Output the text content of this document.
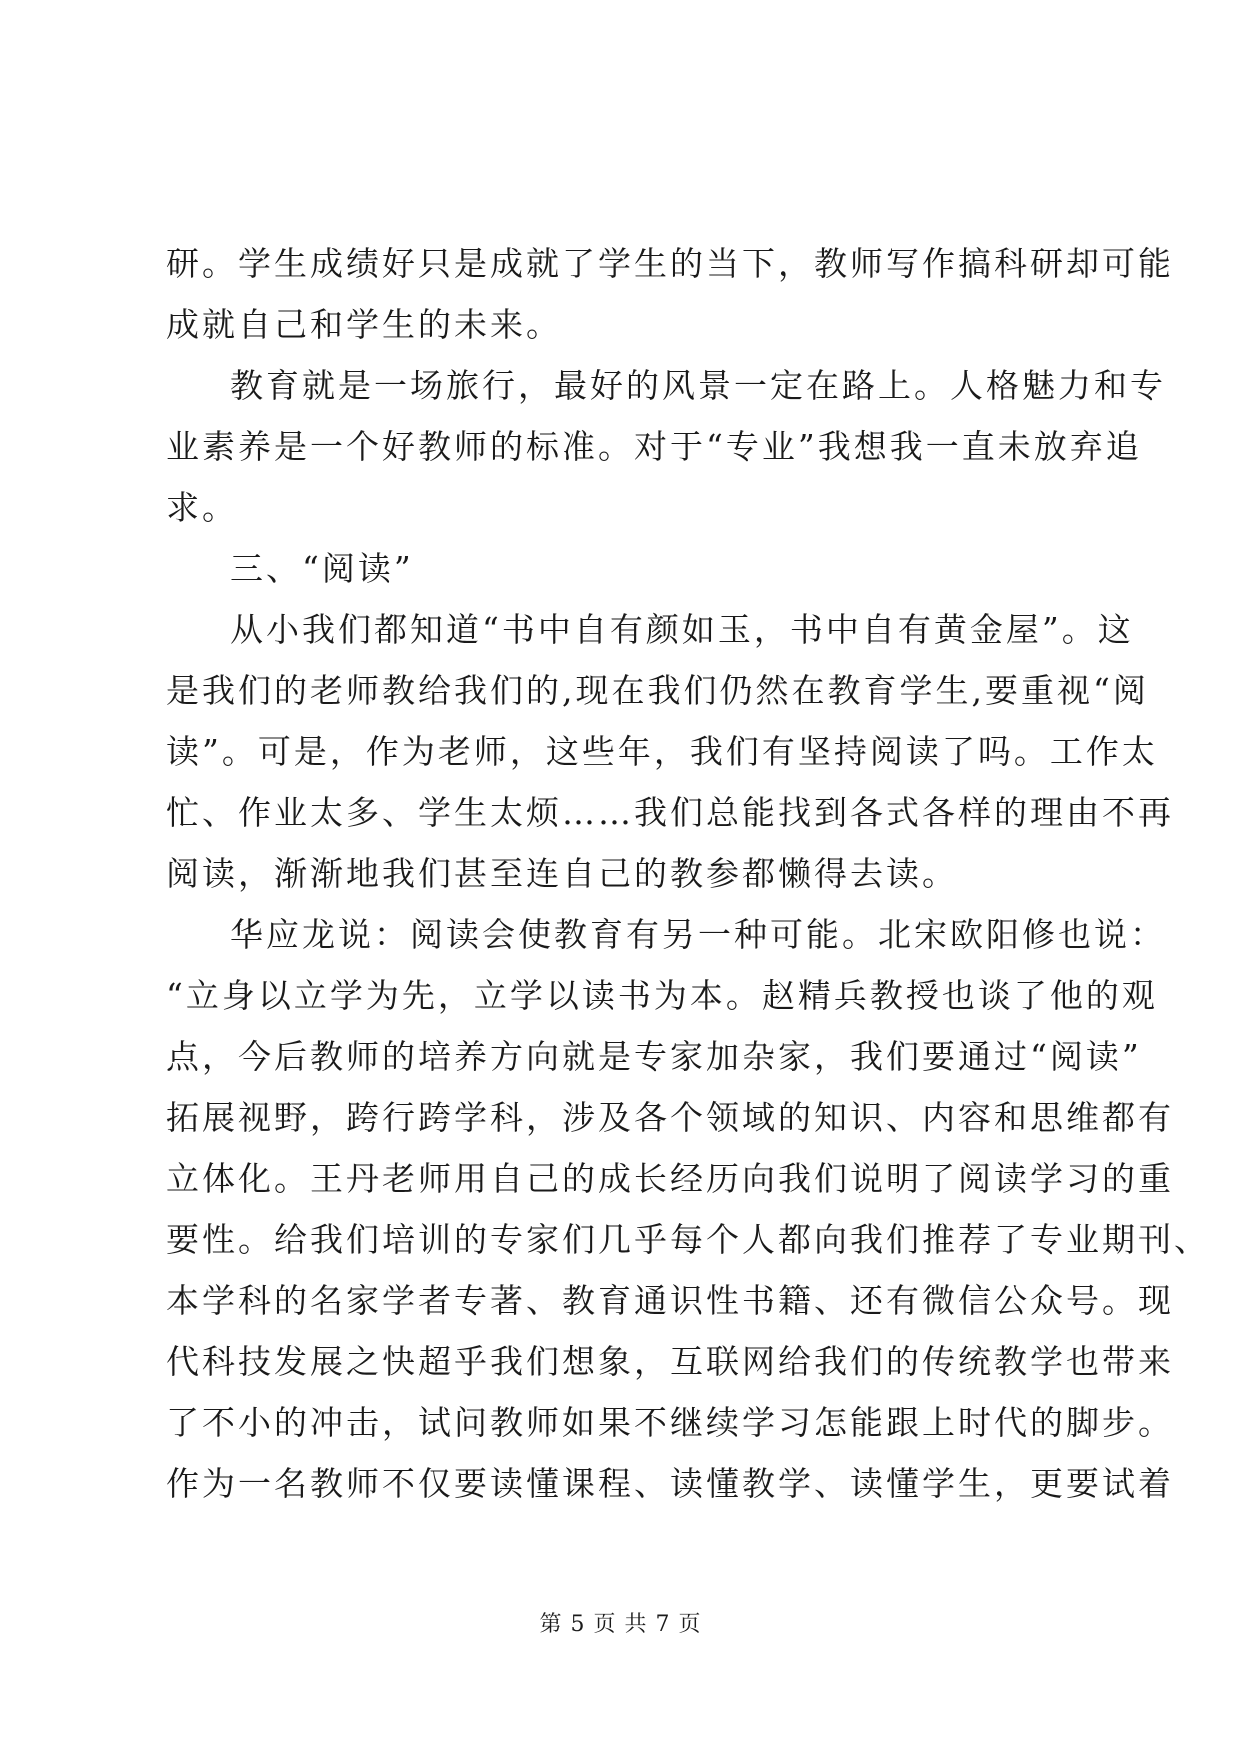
研。学生成绩好只是成就了学生的当下，教师写作搞科研却可能
成就自己和学生的未来。
教育就是一场旅行，最好的风景一定在路上。人格魅力和专
业素养是一个好教师的标准。对于“专业”我想我一直未放弃追
求。
三、“阅读”
从小我们都知道“书中自有颜如玉，书中自有黄金屋”。这
是我们的老师教给我们的,现在我们仍然在教育学生,要重视“阅
读”。可是，作为老师，这些年，我们有坚持阅读了吗。工作太
忙、作业太多、学生太烦……我们总能找到各式各样的理由不再
阅读，渐渐地我们甚至连自己的教参都懒得去读。
华应龙说：阅读会使教育有另一种可能。北宋欧阳修也说：
“立身以立学为先，立学以读书为本。赵精兵教授也谈了他的观
点，今后教师的培养方向就是专家加杂家，我们要通过“阅读”
拓展视野，跨行跨学科，涉及各个领域的知识、内容和思维都有
立体化。王丹老师用自己的成长经历向我们说明了阅读学习的重
要性。给我们培训的专家们几乎每个人都向我们推荐了专业期刊、
本学科的名家学者专著、教育通识性书籍、还有微信公众号。现
代科技发展之快超乎我们想象，互联网给我们的传统教学也带来
了不小的冲击，试问教师如果不继续学习怎能跟上时代的脚步。
作为一名教师不仅要读懂课程、读懂教学、读懂学生，更要试着
第 5 页 共 7 页
